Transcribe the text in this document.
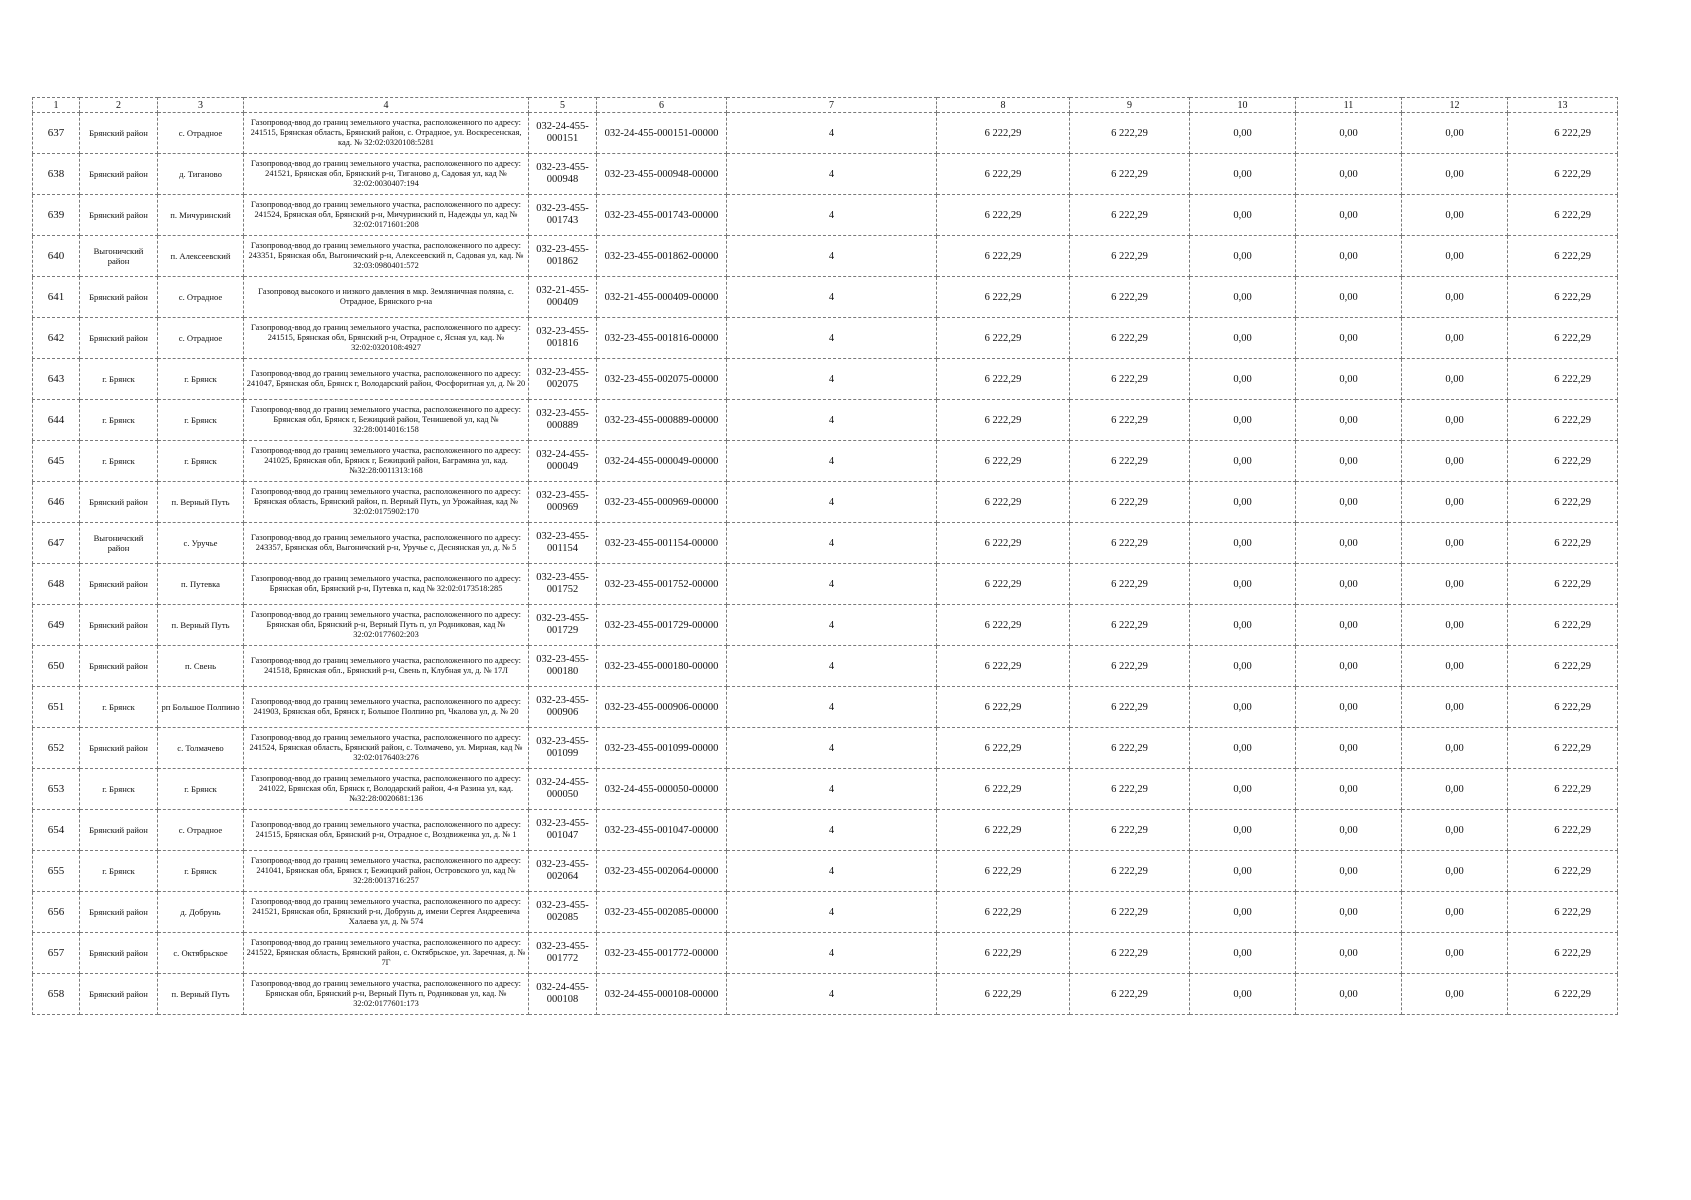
1	2	3	4	5	6	7	8	9	10	11	12	13
637	Брянский район	с. Отрадное	Газопровод-ввод до границ земельного участка, расположенного по адресу: 241515, Брянская область, Брянский район, с. Отрадное, ул. Воскресенская, кад. № 32:02:0320108:5281	032-24-455-000151	032-24-455-000151-00000	4	6 222,29	6 222,29	0,00	0,00	0,00	6 222,29
638	Брянский район	д. Тиганово	Газопровод-ввод до границ земельного участка, расположенного по адресу: 241521, Брянская обл, Брянский р-н, Тиганово д, Садовая ул, кад № 32:02:0030407:194	032-23-455-000948	032-23-455-000948-00000	4	6 222,29	6 222,29	0,00	0,00	0,00	6 222,29
639	Брянский район	п. Мичуринский	Газопровод-ввод до границ земельного участка, расположенного по адресу: 241524, Брянская обл, Брянский р-н, Мичуринский п, Надежды ул, кад № 32:02:0171601:208	032-23-455-001743	032-23-455-001743-00000	4	6 222,29	6 222,29	0,00	0,00	0,00	6 222,29
640	Выгоничский район	п. Алексеевский	Газопровод-ввод до границ земельного участка, расположенного по адресу: 243351, Брянская обл, Выгоничский р-н, Алексеевский п, Садовая ул, кад. № 32:03:0980401:572	032-23-455-001862	032-23-455-001862-00000	4	6 222,29	6 222,29	0,00	0,00	0,00	6 222,29
641	Брянский район	с. Отрадное	Газопровод высокого и низкого давления в мкр. Земляничная поляна, с. Отрадное, Брянского р-на	032-21-455-000409	032-21-455-000409-00000	4	6 222,29	6 222,29	0,00	0,00	0,00	6 222,29
642	Брянский район	с. Отрадное	Газопровод-ввод до границ земельного участка, расположенного по адресу: 241515, Брянская обл, Брянский р-н, Отрадное с, Ясная ул, кад. № 32:02:0320108:4927	032-23-455-001816	032-23-455-001816-00000	4	6 222,29	6 222,29	0,00	0,00	0,00	6 222,29
643	г. Брянск	г. Брянск	Газопровод-ввод до границ земельного участка, расположенного по адресу: 241047, Брянская обл, Брянск г, Володарский район, Фосфоритная ул, д. № 20	032-23-455-002075	032-23-455-002075-00000	4	6 222,29	6 222,29	0,00	0,00	0,00	6 222,29
644	г. Брянск	г. Брянск	Газопровод-ввод до границ земельного участка, расположенного по адресу: Брянская обл, Брянск г, Бежицкий район, Тенишевой ул, кад № 32:28:0014016:158	032-23-455-000889	032-23-455-000889-00000	4	6 222,29	6 222,29	0,00	0,00	0,00	6 222,29
645	г. Брянск	г. Брянск	Газопровод-ввод до границ земельного участка, расположенного по адресу: 241025, Брянская обл, Брянск г, Бежицкий район, Баграмяна ул, кад. №32:28:0011313:168	032-24-455-000049	032-24-455-000049-00000	4	6 222,29	6 222,29	0,00	0,00	0,00	6 222,29
646	Брянский район	п. Верный Путь	Газопровод-ввод до границ земельного участка, расположенного по адресу: Брянская область, Брянский район, п. Верный Путь, ул Урожайная, кад № 32:02:0175902:170	032-23-455-000969	032-23-455-000969-00000	4	6 222,29	6 222,29	0,00	0,00	0,00	6 222,29
647	Выгоничский район	с. Уручье	Газопровод-ввод до границ земельного участка, расположенного по адресу: 243357, Брянская обл, Выгоничский р-н, Уручье с, Деснянская ул, д. № 5	032-23-455-001154	032-23-455-001154-00000	4	6 222,29	6 222,29	0,00	0,00	0,00	6 222,29
648	Брянский район	п. Путевка	Газопровод-ввод до границ земельного участка, расположенного по адресу: Брянская обл, Брянский р-н, Путевка п, кад № 32:02:0173518:285	032-23-455-001752	032-23-455-001752-00000	4	6 222,29	6 222,29	0,00	0,00	0,00	6 222,29
649	Брянский район	п. Верный Путь	Газопровод-ввод до границ земельного участка, расположенного по адресу: Брянская обл, Брянский р-н, Верный Путь п, ул Родниковая, кад № 32:02:0177602:203	032-23-455-001729	032-23-455-001729-00000	4	6 222,29	6 222,29	0,00	0,00	0,00	6 222,29
650	Брянский район	п. Свень	Газопровод-ввод до границ земельного участка, расположенного по адресу: 241518, Брянская обл., Брянский р-н, Свень п, Клубная ул, д. № 17Л	032-23-455-000180	032-23-455-000180-00000	4	6 222,29	6 222,29	0,00	0,00	0,00	6 222,29
651	г. Брянск	рп Большое Полпино	Газопровод-ввод до границ земельного участка, расположенного по адресу: 241903, Брянская обл, Брянск г, Большое Полпино рп, Чкалова ул, д. № 20	032-23-455-000906	032-23-455-000906-00000	4	6 222,29	6 222,29	0,00	0,00	0,00	6 222,29
652	Брянский район	с. Толмачево	Газопровод-ввод до границ земельного участка, расположенного по адресу: 241524, Брянская область, Брянский район, с. Толмачево, ул. Мирная, кад № 32:02:0176403:276	032-23-455-001099	032-23-455-001099-00000	4	6 222,29	6 222,29	0,00	0,00	0,00	6 222,29
653	г. Брянск	г. Брянск	Газопровод-ввод до границ земельного участка, расположенного по адресу: 241022, Брянская обл, Брянск г, Володарский район, 4-я Разина ул, кад. №32:28:0020681:136	032-24-455-000050	032-24-455-000050-00000	4	6 222,29	6 222,29	0,00	0,00	0,00	6 222,29
654	Брянский район	с. Отрадное	Газопровод-ввод до границ земельного участка, расположенного по адресу: 241515, Брянская обл, Брянский р-н, Отрадное с, Воздвиженка ул, д. № 1	032-23-455-001047	032-23-455-001047-00000	4	6 222,29	6 222,29	0,00	0,00	0,00	6 222,29
655	г. Брянск	г. Брянск	Газопровод-ввод до границ земельного участка, расположенного по адресу: 241041, Брянская обл, Брянск г, Бежицкий район, Островского ул, кад № 32:28:0013716:257	032-23-455-002064	032-23-455-002064-00000	4	6 222,29	6 222,29	0,00	0,00	0,00	6 222,29
656	Брянский район	д. Добрунь	Газопровод-ввод до границ земельного участка, расположенного по адресу: 241521, Брянская обл, Брянский р-н, Добрунь д, имени Сергея Андреевича Халаева ул, д. № 574	032-23-455-002085	032-23-455-002085-00000	4	6 222,29	6 222,29	0,00	0,00	0,00	6 222,29
657	Брянский район	с. Октябрьское	Газопровод-ввод до границ земельного участка, расположенного по адресу: 241522, Брянская область, Брянский район, с. Октябрьское, ул. Заречная, д. № 7Г	032-23-455-001772	032-23-455-001772-00000	4	6 222,29	6 222,29	0,00	0,00	0,00	6 222,29
658	Брянский район	п. Верный Путь	Газопровод-ввод до границ земельного участка, расположенного по адресу: Брянская обл, Брянский р-н, Верный Путь п, Родниковая ул, кад. № 32:02:0177601:173	032-24-455-000108	032-24-455-000108-00000	4	6 222,29	6 222,29	0,00	0,00	0,00	6 222,29
